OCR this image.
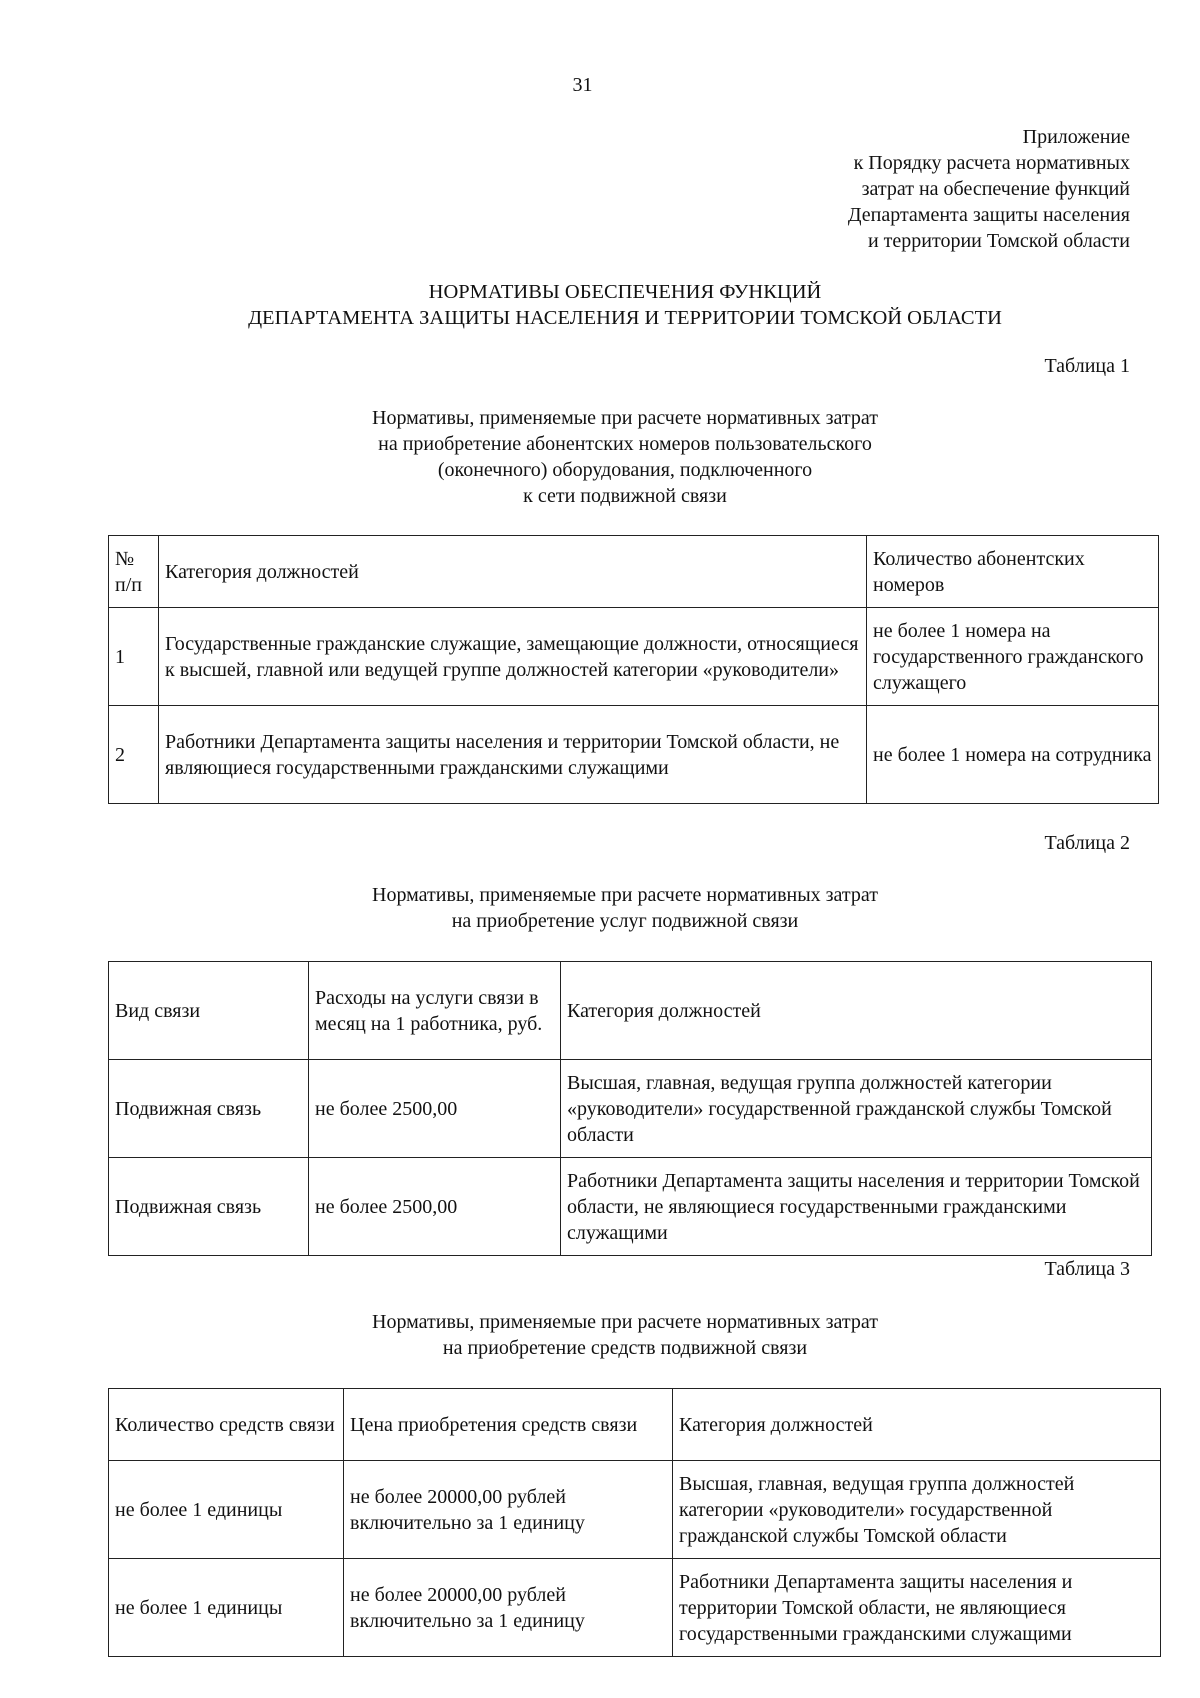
31
Приложение
к Порядку расчета нормативных
затрат на обеспечение функций
Департамента защиты населения
и территории Томской области
НОРМАТИВЫ ОБЕСПЕЧЕНИЯ ФУНКЦИЙ
ДЕПАРТАМЕНТА ЗАЩИТЫ НАСЕЛЕНИЯ И ТЕРРИТОРИИ ТОМСКОЙ ОБЛАСТИ
Таблица 1
Нормативы, применяемые при расчете нормативных затрат
на приобретение абонентских номеров пользовательского
(оконечного) оборудования, подключенного
к сети подвижной связи
№ п/п	Категория должностей	Количество абонентских номеров
1	Государственные гражданские служащие, замещающие должности, относящиеся к высшей, главной или ведущей группе должностей категории «руководители»	не более 1 номера на государственного гражданского служащего
2	Работники Департамента защиты населения и территории Томской области, не являющиеся государственными гражданскими служащими	не более 1 номера на сотрудника
Таблица 2
Нормативы, применяемые при расчете нормативных затрат
на приобретение услуг подвижной связи
Вид связи	Расходы на услуги связи в месяц на 1 работника, руб.	Категория должностей
Подвижная связь	не более 2500,00	Высшая, главная, ведущая группа должностей категории «руководители» государственной гражданской службы Томской области
Подвижная связь	не более 2500,00	Работники Департамента защиты населения и территории Томской области, не являющиеся государственными гражданскими служащими
Таблица 3
Нормативы, применяемые при расчете нормативных затрат
на приобретение средств подвижной связи
Количество средств связи	Цена приобретения средств связи	Категория должностей
не более 1 единицы	не более 20000,00 рублей включительно за 1 единицу	Высшая, главная, ведущая группа должностей категории «руководители» государственной гражданской службы Томской области
не более 1 единицы	не более 20000,00 рублей включительно за 1 единицу	Работники Департамента защиты населения и территории Томской области, не являющиеся государственными гражданскими служащими
